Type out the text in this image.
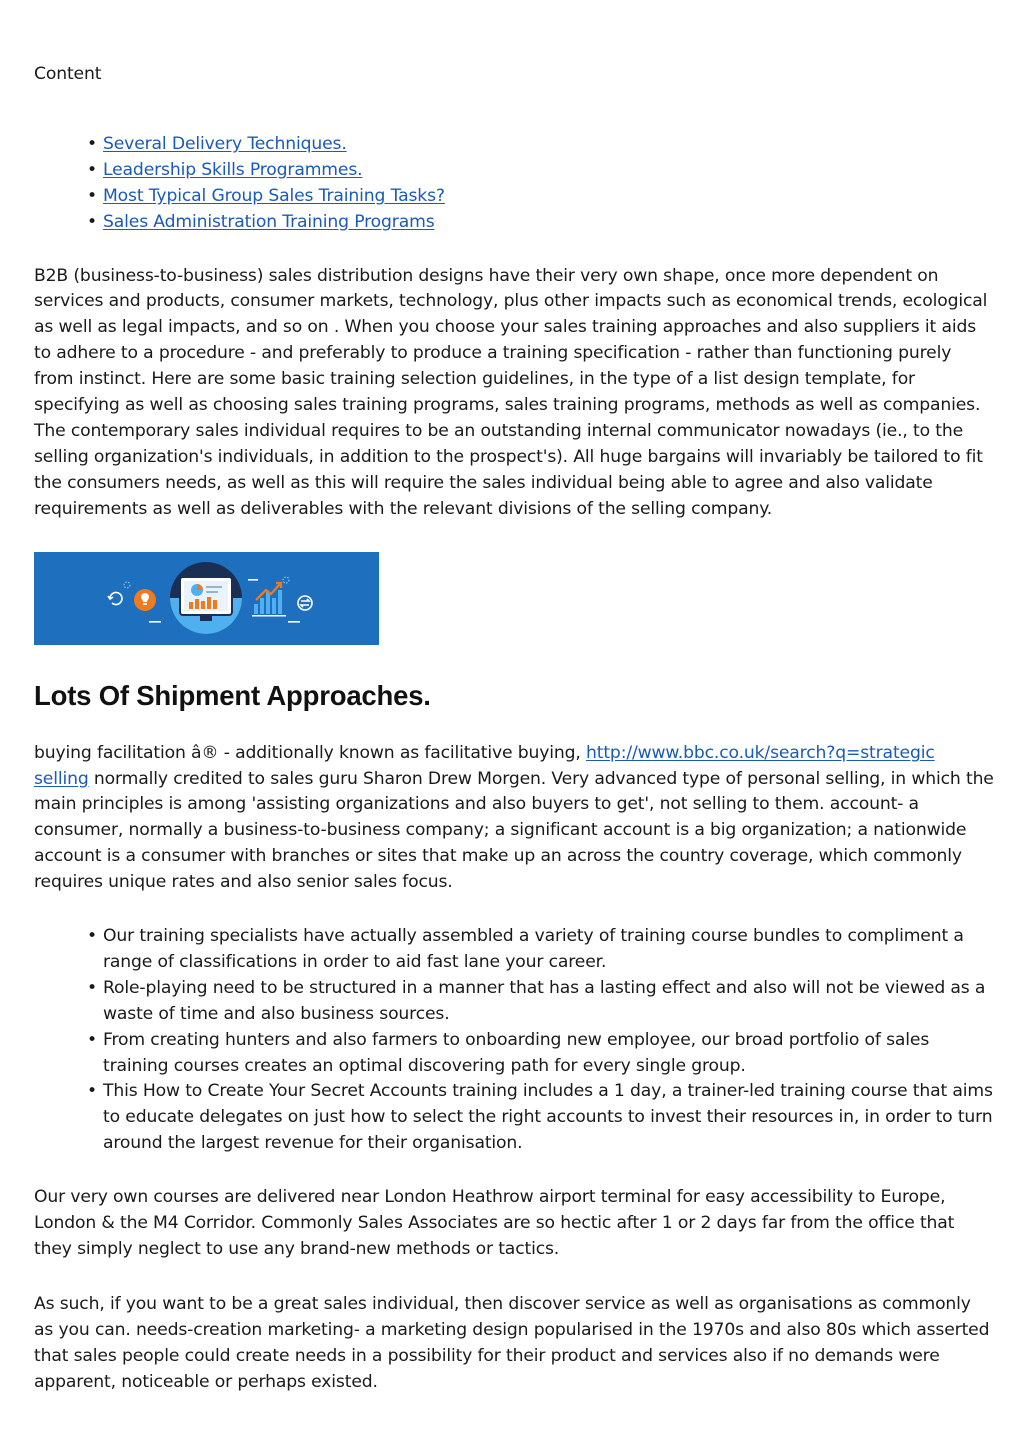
Content

• Several Delivery Techniques.
• Leadership Skills Programmes.
• Most Typical Group Sales Training Tasks?
• Sales Administration Training Programs

B2B (business-to-business) sales distribution designs have their very own shape, once more dependent on services and products, consumer markets, technology, plus other impacts such as economical trends, ecological as well as legal impacts, and so on . When you choose your sales training approaches and also suppliers it aids to adhere to a procedure - and preferably to produce a training specification - rather than functioning purely from instinct. Here are some basic training selection guidelines, in the type of a list design template, for specifying as well as choosing sales training programs, sales training programs, methods as well as companies. The contemporary sales individual requires to be an outstanding internal communicator nowadays (ie., to the selling organization's individuals, in addition to the prospect's). All huge bargains will invariably be tailored to fit the consumers needs, as well as this will require the sales individual being able to agree and also validate requirements as well as deliverables with the relevant divisions of the selling company.

Lots Of Shipment Approaches.

buying facilitation â® - additionally known as facilitative buying, http://www.bbc.co.uk/search?q=strategic selling normally credited to sales guru Sharon Drew Morgen. Very advanced type of personal selling, in which the main principles is among 'assisting organizations and also buyers to get', not selling to them. account- a consumer, normally a business-to-business company; a significant account is a big organization; a nationwide account is a consumer with branches or sites that make up an across the country coverage, which commonly requires unique rates and also senior sales focus.

• Our training specialists have actually assembled a variety of training course bundles to compliment a range of classifications in order to aid fast lane your career.
• Role-playing need to be structured in a manner that has a lasting effect and also will not be viewed as a waste of time and also business sources.
• From creating hunters and also farmers to onboarding new employee, our broad portfolio of sales training courses creates an optimal discovering path for every single group.
• This How to Create Your Secret Accounts training includes a 1 day, a trainer-led training course that aims to educate delegates on just how to select the right accounts to invest their resources in, in order to turn around the largest revenue for their organisation.

Our very own courses are delivered near London Heathrow airport terminal for easy accessibility to Europe, London & the M4 Corridor. Commonly Sales Associates are so hectic after 1 or 2 days far from the office that they simply neglect to use any brand-new methods or tactics.

As such, if you want to be a great sales individual, then discover service as well as organisations as commonly as you can. needs-creation marketing- a marketing design popularised in the 1970s and also 80s which asserted that sales people could create needs in a possibility for their product and services also if no demands were apparent, noticeable or perhaps existed.
